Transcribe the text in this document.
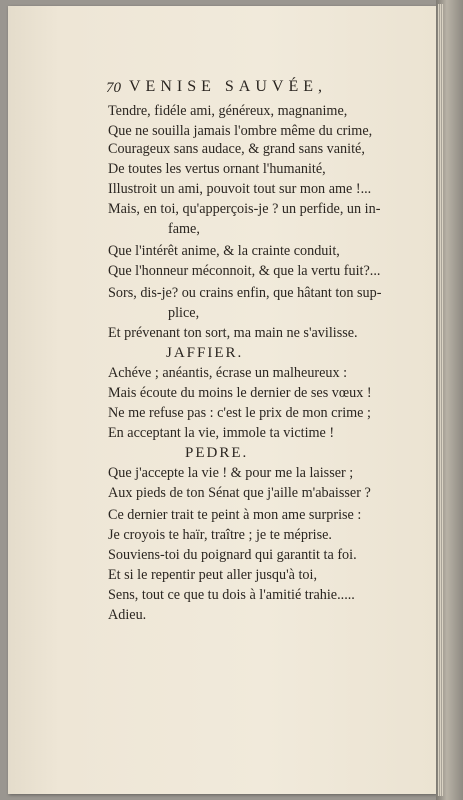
70 VENISE SAUVÉE,
Tendre, fidéle ami, généreux, magnanime,
Que ne souilla jamais l'ombre même du crime,
Courageux sans audace, & grand sans vanité,
De toutes les vertus ornant l'humanité,
Illustroit un ami, pouvoit tout sur mon ame !...
Mais, en toi, qu'apperçois-je ? un perfide, un in-
fame,
Que l'intérêt anime, & la crainte conduit,
Que l'honneur méconnoit, & que la vertu fuit?...
Sors, dis-je? ou crains enfin, que hâtant ton sup-
plice,
Et prévenant ton sort, ma main ne s'avilisse.
JAFFIER.
Achéve ; anéantis, écrase un malheureux :
Mais écoute du moins le dernier de ses vœux !
Ne me refuse pas : c'est le prix de mon crime ;
En acceptant la vie, immole ta victime !
PEDRE.
Que j'accepte la vie ! & pour me la laisser ;
Aux pieds de ton Sénat que j'aille m'abaisser ?
Ce dernier trait te peint à mon ame surprise :
Je croyois te haïr, traître ; je te méprise.
Souviens-toi du poignard qui garantit ta foi.
Et si le repentir peut aller jusqu'à toi,
Sens, tout ce que tu dois à l'amitié trahie.....
Adieu.
